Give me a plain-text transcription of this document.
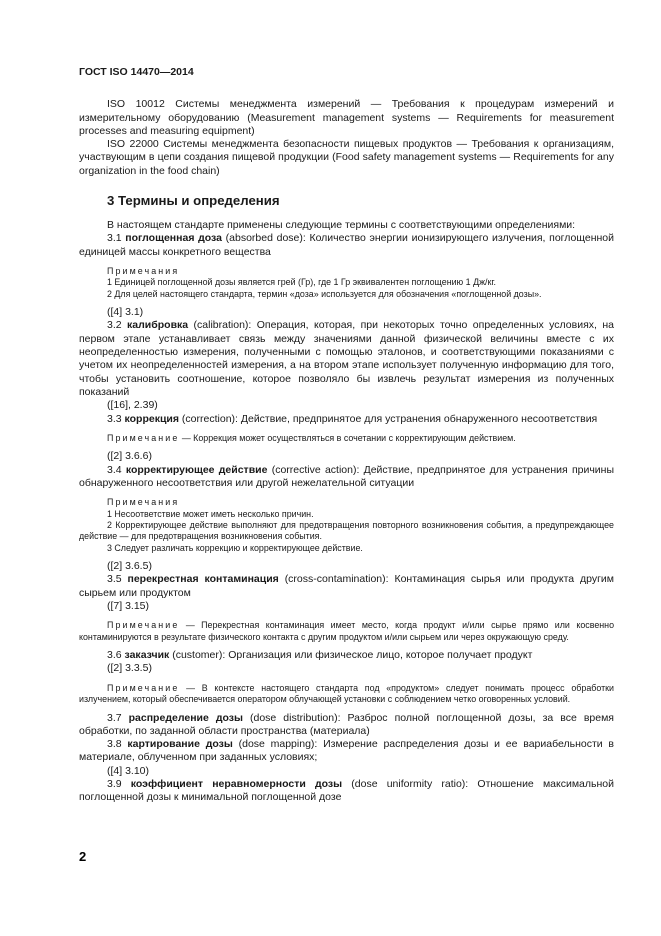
ГОСТ ISO 14470—2014

ISO 10012 Системы менеджмента измерений — Требования к процедурам измерений и измерительному оборудованию (Measurement management systems — Requirements for measurement processes and measuring equipment)

ISO 22000 Системы менеджмента безопасности пищевых продуктов — Требования к организациям, участвующим в цепи создания пищевой продукции (Food safety management systems — Requirements for any organization in the food chain)

3 Термины и определения

В настоящем стандарте применены следующие термины с соответствующими определениями:

3.1 поглощенная доза (absorbed dose): Количество энергии ионизирующего излучения, поглощенной единицей массы конкретного вещества

Примечания
1 Единицей поглощенной дозы является грей (Гр), где 1 Гр эквивалентен поглощению 1 Дж/кг.
2 Для целей настоящего стандарта, термин «доза» используется для обозначения «поглощенной дозы».

([4] 3.1)

3.2 калибровка (calibration): Операция, которая, при некоторых точно определенных условиях, на первом этапе устанавливает связь между значениями данной физической величины вместе с их неопределенностью измерения, полученными с помощью эталонов, и соответствующими показаниями с учетом их неопределенностей измерения, а на втором этапе использует полученную информацию для того, чтобы установить соотношение, которое позволяло бы извлечь результат измерения из полученных показаний

([16], 2.39)

3.3 коррекция (correction): Действие, предпринятое для устранения обнаруженного несоответствия

Примечание — Коррекция может осуществляться в сочетании с корректирующим действием.

([2] 3.6.6)

3.4 корректирующее действие (corrective action): Действие, предпринятое для устранения причины обнаруженного несоответствия или другой нежелательной ситуации

Примечания
1 Несоответствие может иметь несколько причин.
2 Корректирующее действие выполняют для предотвращения повторного возникновения события, а предупреждающее действие — для предотвращения возникновения события.
3 Следует различать коррекцию и корректирующее действие.

([2] 3.6.5)

3.5 перекрестная контаминация (cross-contamination): Контаминация сырья или продукта другим сырьем или продуктом

([7] 3.15)

Примечание — Перекрестная контаминация имеет место, когда продукт и/или сырье прямо или косвенно контаминируются в результате физического контакта с другим продуктом и/или сырьем или через окружающую среду.

3.6 заказчик (customer): Организация или физическое лицо, которое получает продукт

([2] 3.3.5)

Примечание — В контексте настоящего стандарта под «продуктом» следует понимать процесс обработки излучением, который обеспечивается оператором облучающей установки с соблюдением четко оговоренных условий.

3.7 распределение дозы (dose distribution): Разброс полной поглощенной дозы, за все время обработки, по заданной области пространства (материала)

3.8 картирование дозы (dose mapping): Измерение распределения дозы и ее вариабельности в материале, облученном при заданных условиях;

([4] 3.10)

3.9 коэффициент неравномерности дозы (dose uniformity ratio): Отношение максимальной поглощенной дозы к минимальной поглощенной дозе

2
